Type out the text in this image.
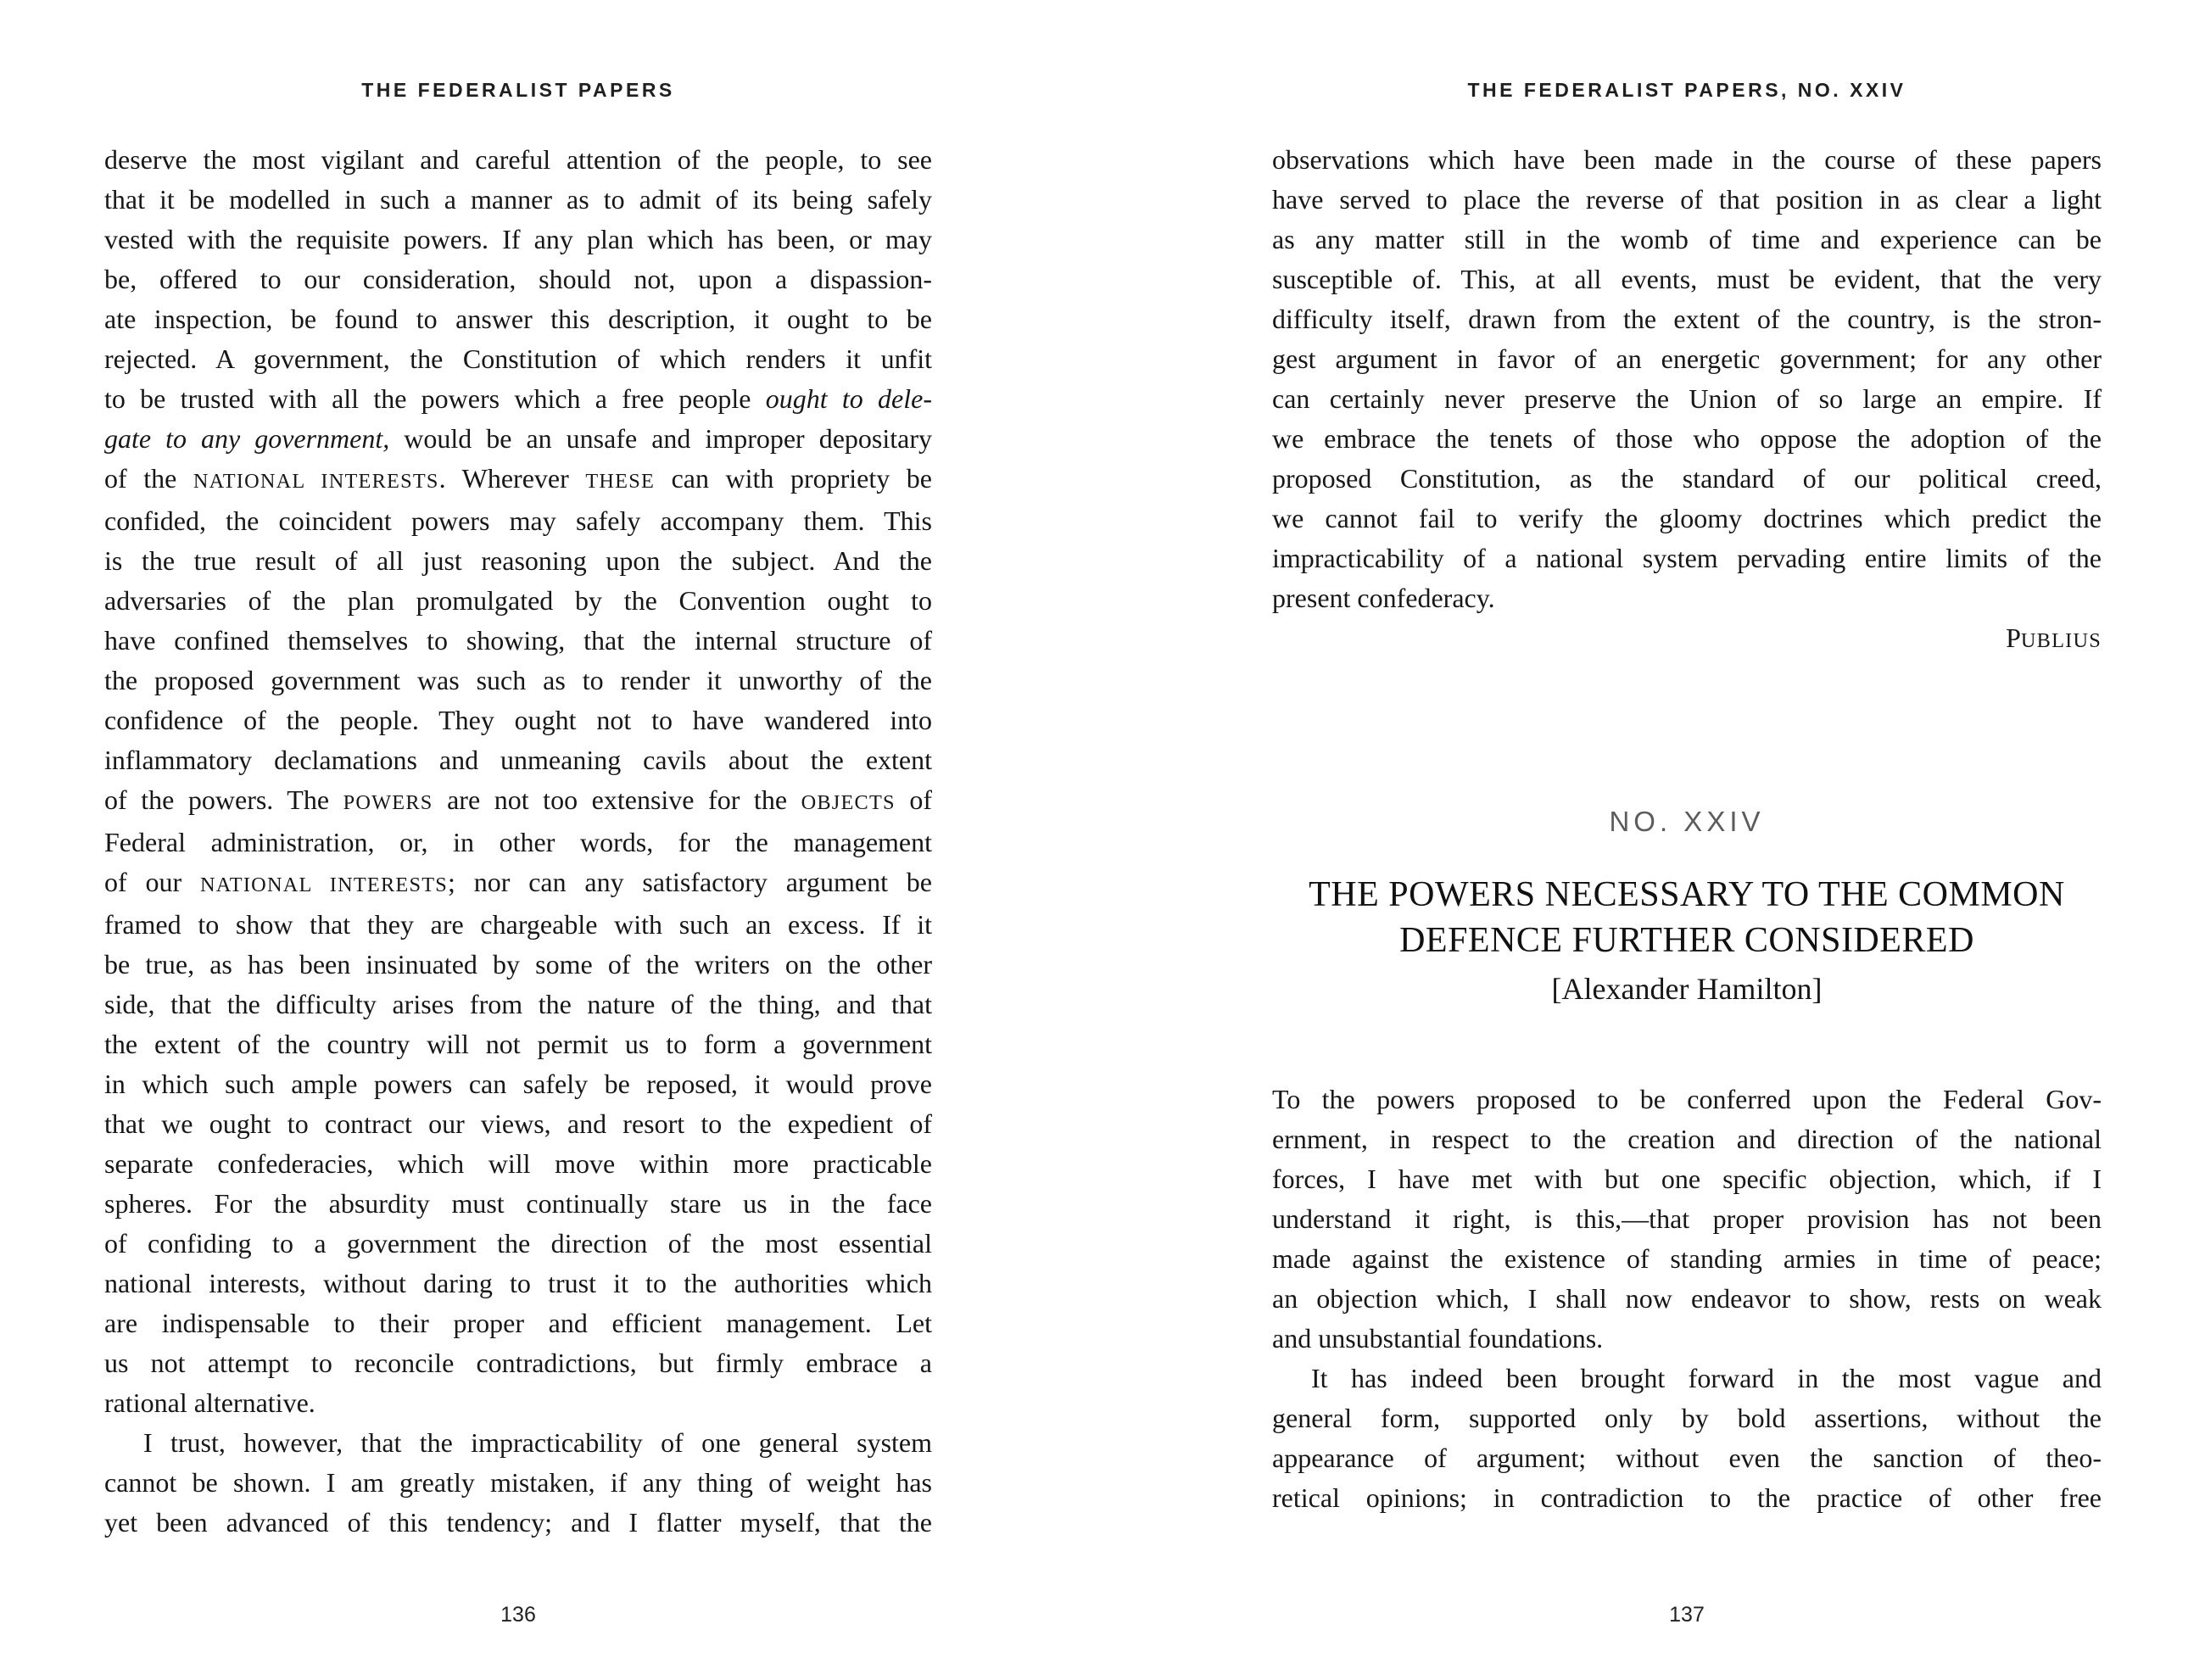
THE FEDERALIST PAPERS
deserve the most vigilant and careful attention of the people, to see
that it be modelled in such a manner as to admit of its being safely
vested with the requisite powers. If any plan which has been, or may
be, offered to our consideration, should not, upon a dispassion-
ate inspection, be found to answer this description, it ought to be
rejected. A government, the Constitution of which renders it unfit
to be trusted with all the powers which a free people ought to dele-
gate to any government, would be an unsafe and improper depositary
of the NATIONAL INTERESTS. Wherever THESE can with propriety be
confided, the coincident powers may safely accompany them. This
is the true result of all just reasoning upon the subject. And the
adversaries of the plan promulgated by the Convention ought to
have confined themselves to showing, that the internal structure of
the proposed government was such as to render it unworthy of the
confidence of the people. They ought not to have wandered into
inflammatory declamations and unmeaning cavils about the extent
of the powers. The POWERS are not too extensive for the OBJECTS of
Federal administration, or, in other words, for the management
of our NATIONAL INTERESTS; nor can any satisfactory argument be
framed to show that they are chargeable with such an excess. If it
be true, as has been insinuated by some of the writers on the other
side, that the difficulty arises from the nature of the thing, and that
the extent of the country will not permit us to form a government
in which such ample powers can safely be reposed, it would prove
that we ought to contract our views, and resort to the expedient of
separate confederacies, which will move within more practicable
spheres. For the absurdity must continually stare us in the face
of confiding to a government the direction of the most essential
national interests, without daring to trust it to the authorities which
are indispensable to their proper and efficient management. Let
us not attempt to reconcile contradictions, but firmly embrace a
rational alternative.
I trust, however, that the impracticability of one general system
cannot be shown. I am greatly mistaken, if any thing of weight has
yet been advanced of this tendency; and I flatter myself, that the
136
THE FEDERALIST PAPERS, NO. XXIV
observations which have been made in the course of these papers
have served to place the reverse of that position in as clear a light
as any matter still in the womb of time and experience can be
susceptible of. This, at all events, must be evident, that the very
difficulty itself, drawn from the extent of the country, is the stron-
gest argument in favor of an energetic government; for any other
can certainly never preserve the Union of so large an empire. If
we embrace the tenets of those who oppose the adoption of the
proposed Constitution, as the standard of our political creed,
we cannot fail to verify the gloomy doctrines which predict the
impracticability of a national system pervading entire limits of the
present confederacy.
PUBLIUS
NO. XXIV
THE POWERS NECESSARY TO THE COMMON
DEFENCE FURTHER CONSIDERED
[Alexander Hamilton]
To the powers proposed to be conferred upon the Federal Gov-
ernment, in respect to the creation and direction of the national
forces, I have met with but one specific objection, which, if I
understand it right, is this,—that proper provision has not been
made against the existence of standing armies in time of peace;
an objection which, I shall now endeavor to show, rests on weak
and unsubstantial foundations.
It has indeed been brought forward in the most vague and
general form, supported only by bold assertions, without the
appearance of argument; without even the sanction of theo-
retical opinions; in contradiction to the practice of other free
137
